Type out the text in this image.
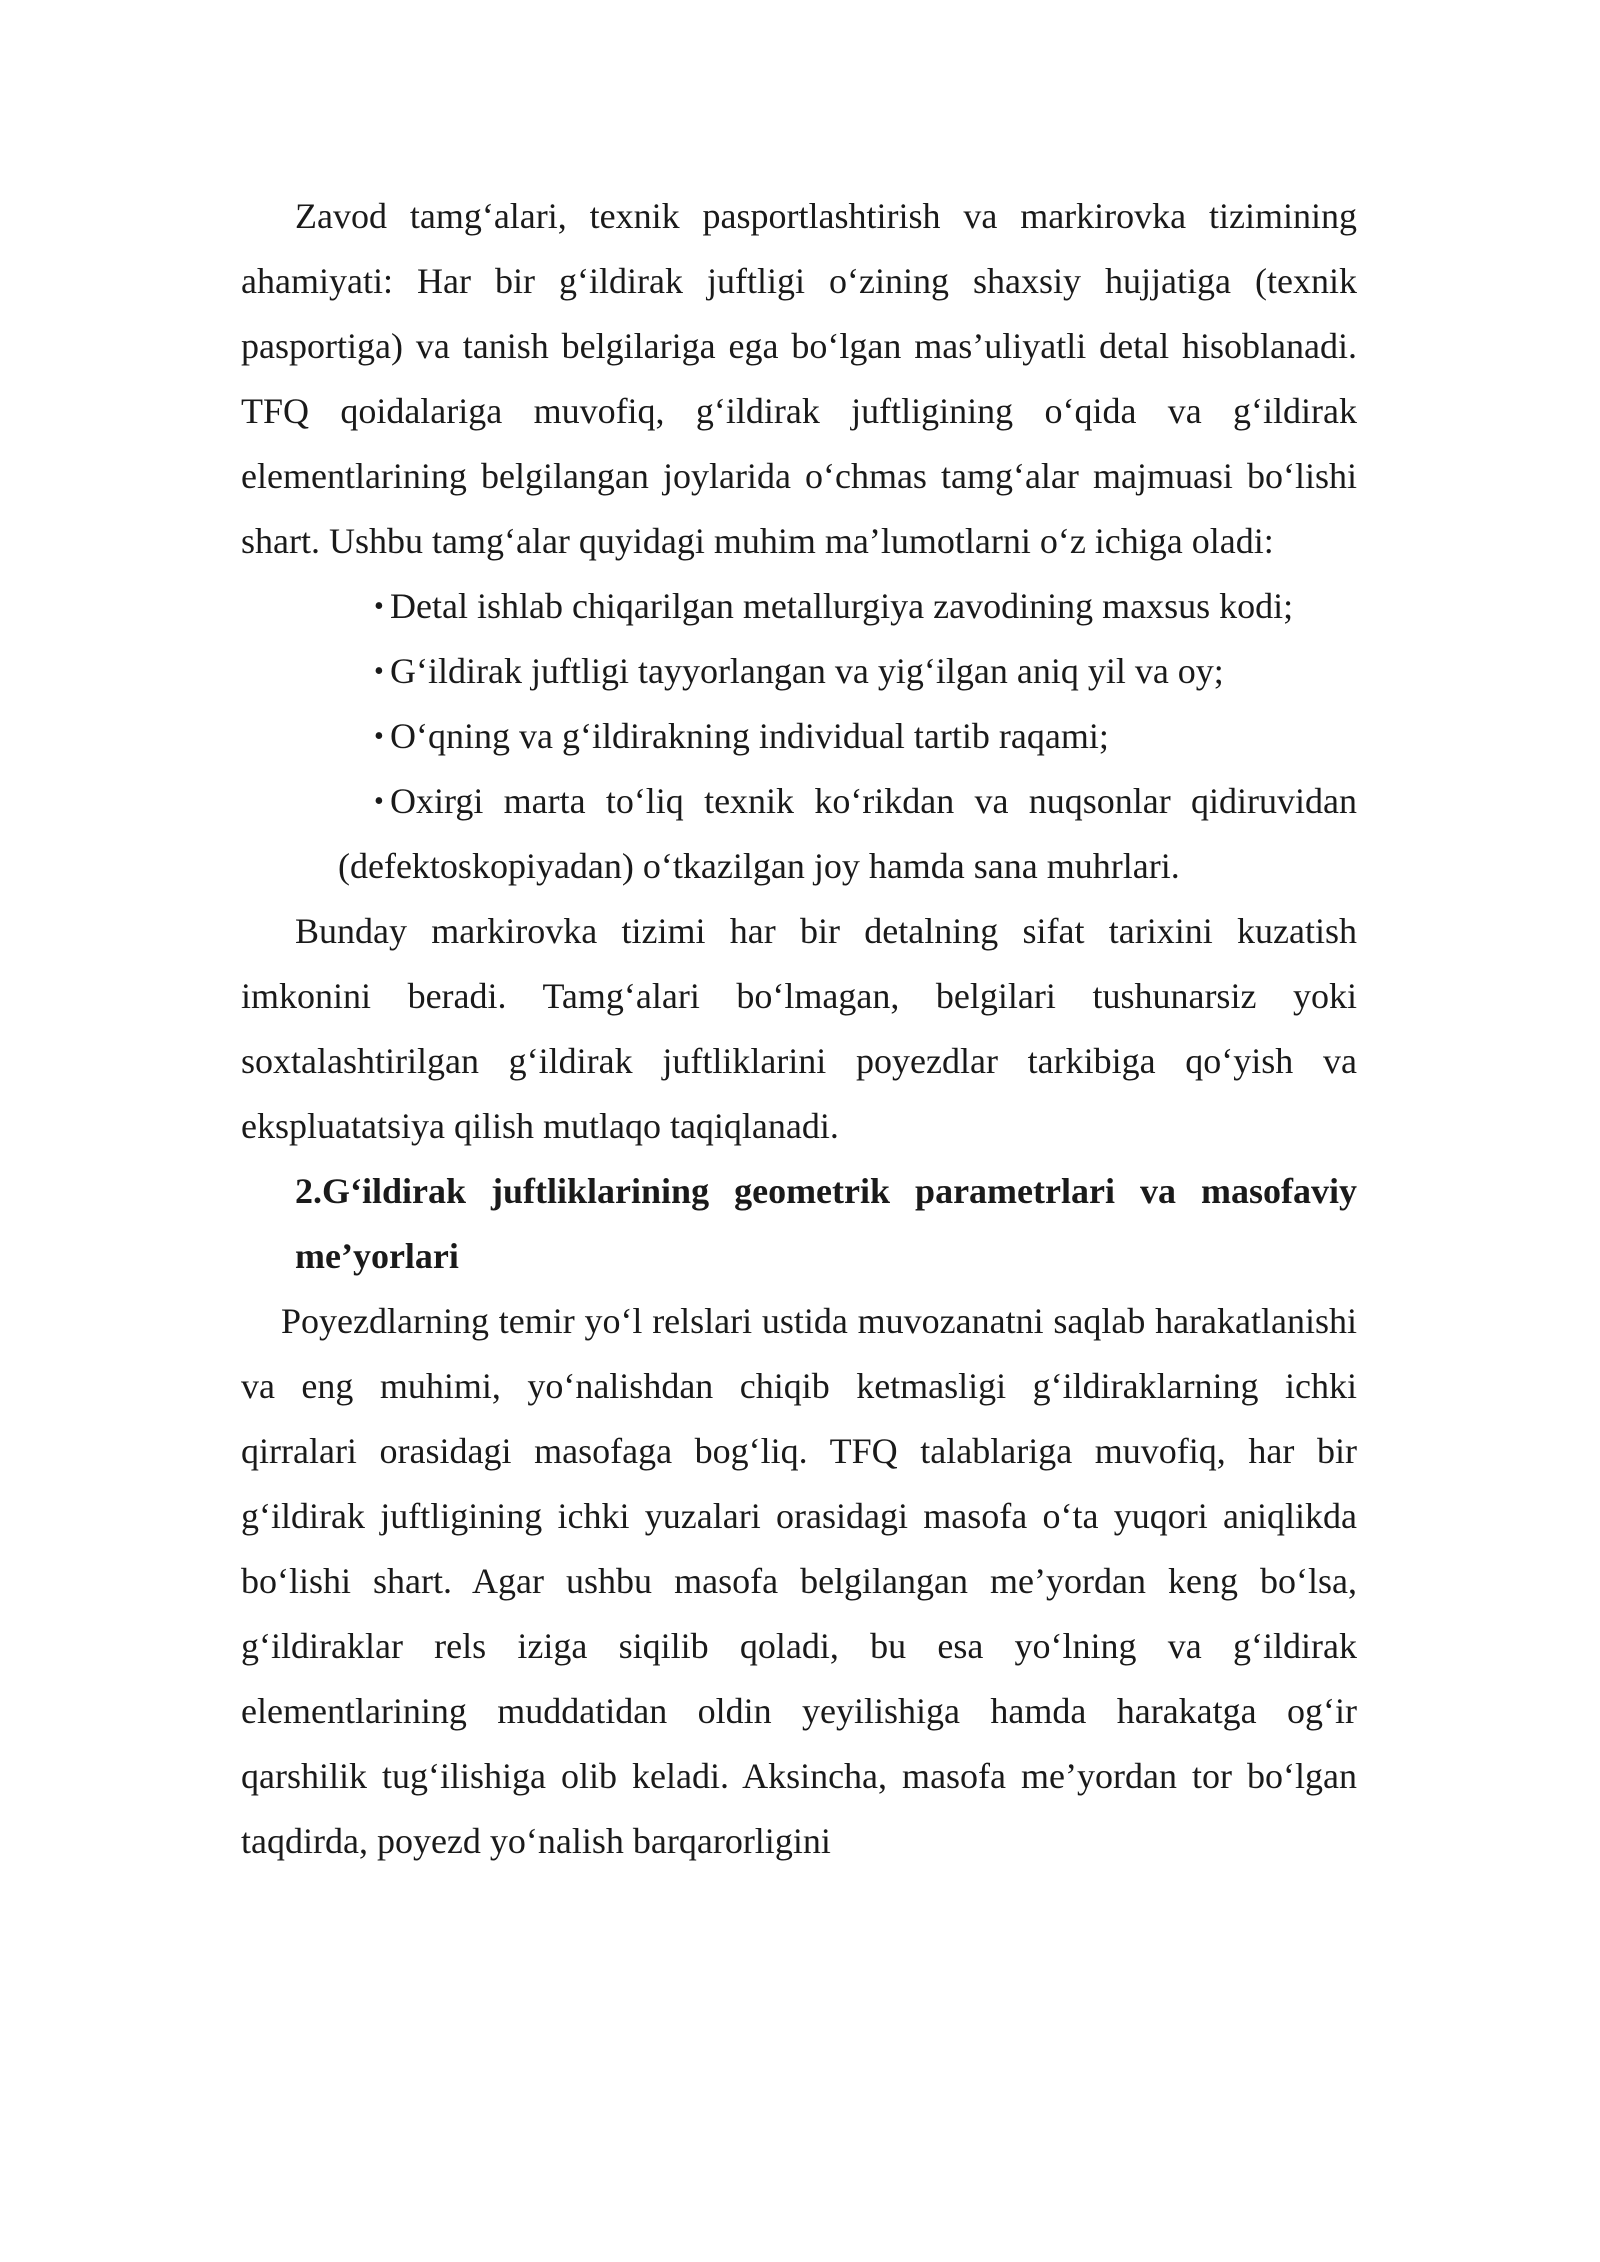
Zavod tamg‘alari, texnik pasportlashtirish va markirovka tizimining ahamiyati: Har bir g‘ildirak juftligi o‘zining shaxsiy hujjatiga (texnik pasportiga) va tanish belgilariga ega bo‘lgan mas’uliyatli detal hisoblanadi. TFQ qoidalariga muvofiq, g‘ildirak juftligining o‘qida va g‘ildirak elementlarining belgilangan joylarida o‘chmas tamg‘alar majmuasi bo‘lishi shart. Ushbu tamg‘alar quyidagi muhim ma’lumotlarni o‘z ichiga oladi:

• Detal ishlab chiqarilgan metallurgiya zavodining maxsus kodi;
• G‘ildirak juftligi tayyorlangan va yig‘ilgan aniq yil va oy;
• O‘qning va g‘ildirakning individual tartib raqami;
• Oxirgi marta to‘liq texnik ko‘rikdan va nuqsonlar qidiruvidan (defektoskopiyadan) o‘tkazilgan joy hamda sana muhrlari.

Bunday markirovka tizimi har bir detalning sifat tarixini kuzatish imkonini beradi. Tamg‘alari bo‘lmagan, belgilari tushunarsiz yoki soxtalashtirilgan g‘ildirak juftliklarini poyezdlar tarkibiga qo‘yish va ekspluatatsiya qilish mutlaqo taqiqlanadi.

2.G‘ildirak juftliklarining geometrik parametrlari va masofaviy me’yorlari

Poyezdlarning temir yo‘l relslari ustida muvozanatni saqlab harakatlanishi va eng muhimi, yo‘nalishdan chiqib ketmasligi g‘ildiraklarning ichki qirralari orasidagi masofaga bog‘liq. TFQ talablariga muvofiq, har bir g‘ildirak juftligining ichki yuzalari orasidagi masofa o‘ta yuqori aniqlikda bo‘lishi shart. Agar ushbu masofa belgilangan me’yordan keng bo‘lsa, g‘ildiraklar rels iziga siqilib qoladi, bu esa yo‘lning va g‘ildirak elementlarining muddatidan oldin yeyilishiga hamda harakatga og‘ir qarshilik tug‘ilishiga olib keladi. Aksincha, masofa me’yordan tor bo‘lgan taqdirda, poyezd yo‘nalish barqarorligini
